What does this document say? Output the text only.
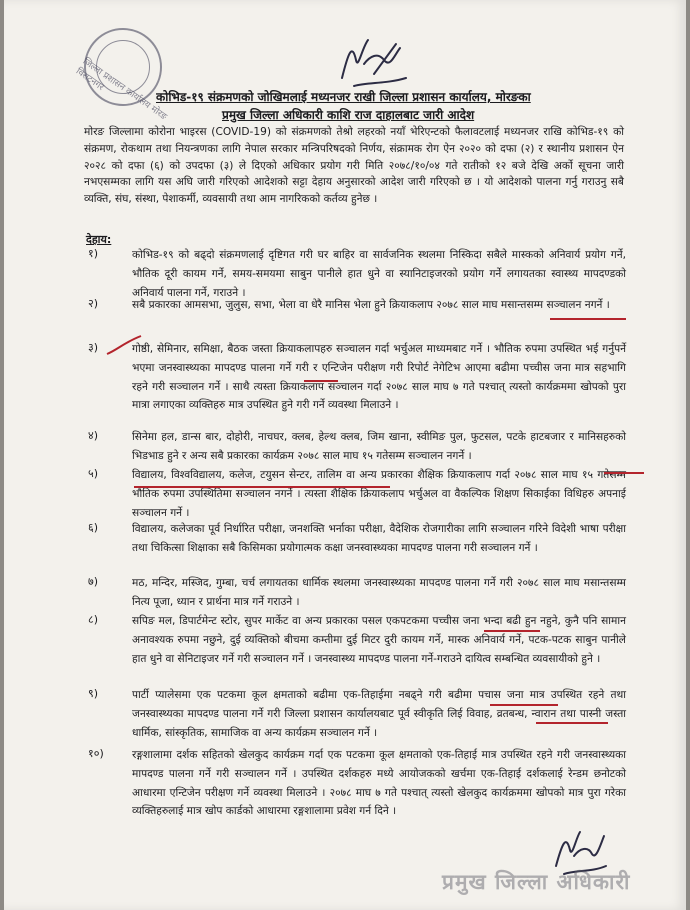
जिल्ला प्रशासन कार्यालय मोरङ विराटनगर
कोभिड-१९ संक्रमणको जोखिमलाई मध्यनजर राखी जिल्ला प्रशासन कार्यालय, मोरङका
प्रमुख जिल्ला अधिकारी काशि राज दाहालबाट जारी आदेश
मोरङ जिल्लामा कोरोना भाइरस (COVID-19) को संक्रमणको तेश्रो लहरको नयाँ भेरिएन्टको फैलावटलाई मध्यनजर राखि कोभिड-१९ को संक्रमण, रोकथाम तथा नियन्त्रणका लागि नेपाल सरकार मन्त्रिपरिषदको निर्णय, संक्रामक रोग ऐन २०२० को दफा (२) र स्थानीय प्रशासन ऐन २०२८ को दफा (६) को उपदफा (३) ले दिएको अधिकार प्रयोग गरी मिति २०७८/१०/०४ गते रातीको १२ बजे देखि अर्को सूचना जारी नभएसम्मका लागि यस अघि जारी गरिएको आदेशको सट्टा देहाय अनुसारको आदेश जारी गरिएको छ । यो आदेशको पालना गर्नु गराउनु सबै व्यक्ति, संघ, संस्था, पेशाकर्मी, व्यवसायी तथा आम नागरिकको कर्तव्य हुनेछ ।
देहाय:
१)	कोभिड-१९ को बढ्दो संक्रमणलाई दृष्टिगत गरी घर बाहिर वा सार्वजनिक स्थलमा निस्किदा सबैले मास्कको अनिवार्य प्रयोग गर्ने, भौतिक दूरी कायम गर्ने, समय-समयमा साबुन पानीले हात धुने वा स्यानिटाइजरको प्रयोग गर्ने लगायतका स्वास्थ्य मापदण्डको अनिवार्य पालना गर्ने, गराउने ।
२)	सबै प्रकारका आमसभा, जुलुस, सभा, भेला वा धेरै मानिस भेला हुने क्रियाकलाप २०७८ साल माघ मसान्तसम्म सञ्चालन नगर्ने ।
३)	गोष्ठी, सेमिनार, समिक्षा, बैठक जस्ता क्रियाकलापहरु सञ्चालन गर्दा भर्चुअल माध्यमबाट गर्ने । भौतिक रुपमा उपस्थित भई गर्नुपर्ने भएमा जनस्वास्थ्यका मापदण्ड पालना गर्ने गरी र एन्टिजेन परीक्षण गरी रिपोर्ट नेगेटिभ आएमा बढीमा पच्चीस जना मात्र सहभागि रहने गरी सञ्चालन गर्ने । साथै त्यस्ता क्रियाकलाप सञ्चालन गर्दा २०७८ साल माघ ७ गते पश्चात् त्यस्तो कार्यक्रममा खोपको पुरा मात्रा लगाएका व्यक्तिहरु मात्र उपस्थित हुने गरी गर्ने व्यवस्था मिलाउने ।
४)	सिनेमा हल, डान्स बार, दोहोरी, नाचघर, क्लब, हेल्थ क्लब, जिम खाना, स्वीमिङ पुल, फुटसल, पटके हाटबजार र मानिसहरुको भिडभाड हुने र अन्य सबै प्रकारका कार्यक्रम २०७८ साल माघ १५ गतेसम्म सञ्चालन नगर्ने ।
५)	विद्यालय, विश्वविद्यालय, कलेज, टयुसन सेन्टर, तालिम वा अन्य प्रकारका शैक्षिक क्रियाकलाप गर्दा २०७८ साल माघ १५ गतेसम्म भौतिक रुपमा उपस्थितिमा सञ्चालन नगर्ने । त्यस्ता शैक्षिक क्रियाकलाप भर्चुअल वा वैकल्पिक शिक्षण सिकाईका विधिहरु अपनाई सञ्चालन गर्ने ।
६)	विद्यालय, कलेजका पूर्व निर्धारित परीक्षा, जनशक्ति भर्नाका परीक्षा, वैदेशिक रोजगारीका लागि सञ्चालन गरिने विदेशी भाषा परीक्षा तथा चिकित्सा शिक्षाका सबै किसिमका प्रयोगात्मक कक्षा जनस्वास्थ्यका मापदण्ड पालना गरी सञ्चालन गर्ने ।
७)	मठ, मन्दिर, मस्जिद, गुम्बा, चर्च लगायतका धार्मिक स्थलमा जनस्वास्थ्यका मापदण्ड पालना गर्ने गरी २०७८ साल माघ मसान्तसम्म नित्य पूजा, ध्यान र प्रार्थना मात्र गर्ने गराउने ।
८)	सपिङ मल, डिपार्टमेन्ट स्टोर, सुपर मार्केट वा अन्य प्रकारका पसल एकपटकमा पच्चीस जना भन्दा बढी हुन नहुने, कुनै पनि सामान अनावश्यक रुपमा नछुने, दुई व्यक्तिको बीचमा कम्तीमा दुई मिटर दुरी कायम गर्ने, मास्क अनिवार्य गर्ने, पटक-पटक साबुन पानीले हात धुने वा सेनिटाइजर गर्ने गरी सञ्चालन गर्ने । जनस्वास्थ्य मापदण्ड पालना गर्ने-गराउने दायित्व सम्बन्धित व्यवसायीको हुने ।
९)	पार्टी प्यालेसमा एक पटकमा कूल क्षमताको बढीमा एक-तिहाईमा नबढ्ने गरी बढीमा पचास जना मात्र उपस्थित रहने तथा जनस्वास्थ्यका मापदण्ड पालना गर्ने गरी जिल्ला प्रशासन कार्यालयबाट पूर्व स्वीकृति लिई विवाह, व्रतबन्ध, न्वारान तथा पास्नी जस्ता धार्मिक, सांस्कृतिक, सामाजिक वा अन्य कार्यक्रम सञ्चालन गर्ने ।
१०)	रङ्गशालामा दर्शक सहितको खेलकुद कार्यक्रम गर्दा एक पटकमा कूल क्षमताको एक-तिहाई मात्र उपस्थित रहने गरी जनस्वास्थ्यका मापदण्ड पालना गर्ने गरी सञ्चालन गर्ने । उपस्थित दर्शकहरु मध्ये आयोजकको खर्चमा एक-तिहाई दर्शकलाई रेन्डम छनोटको आधारमा एन्टिजेन परीक्षण गर्ने व्यवस्था मिलाउने । २०७८ माघ ७ गते पश्चात् त्यस्तो खेलकुद कार्यक्रममा खोपको मात्र पुरा गरेका व्यक्तिहरुलाई मात्र खोप कार्डको आधारमा रङ्गशालामा प्रवेश गर्न दिने ।
प्रमुख जिल्ला अधिकारी
